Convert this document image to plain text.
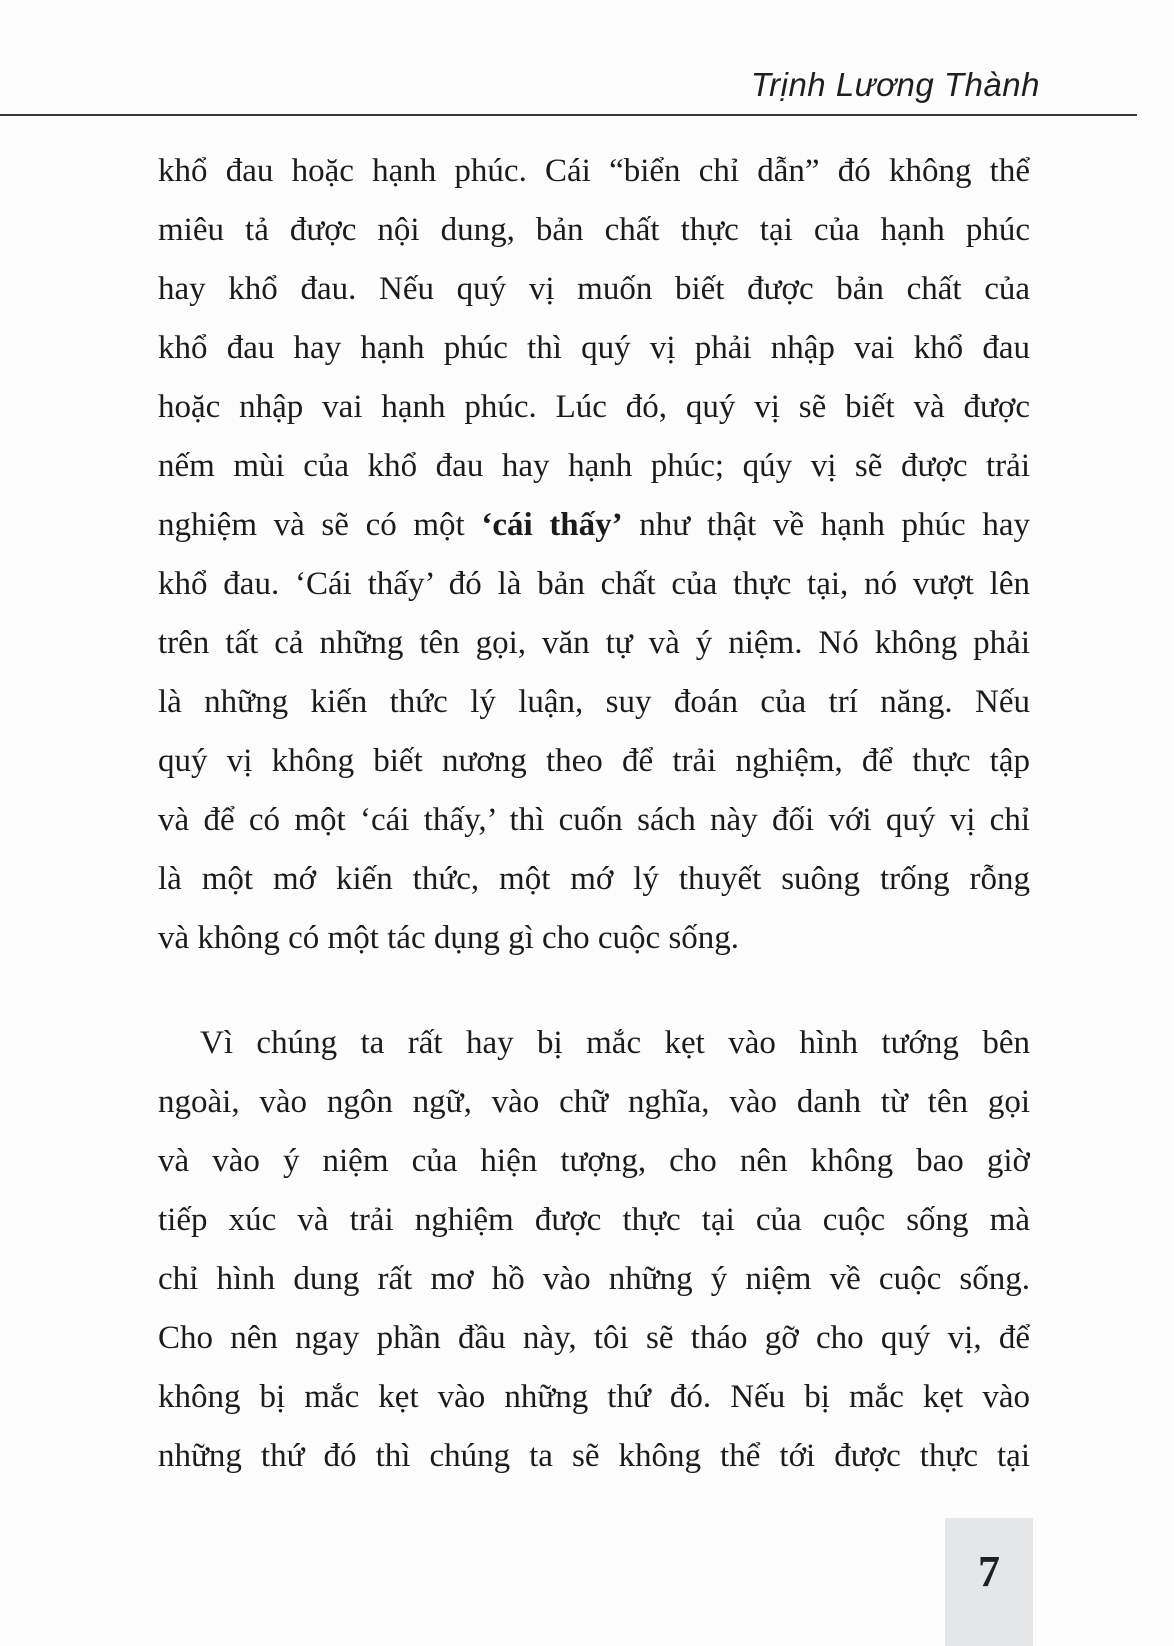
Trịnh Lương Thành
khổ đau hoặc hạnh phúc. Cái “biển chỉ dẫn” đó không thể
miêu tả được nội dung, bản chất thực tại của hạnh phúc
hay khổ đau. Nếu quý vị muốn biết được bản chất của
khổ đau hay hạnh phúc thì quý vị phải nhập vai khổ đau
hoặc nhập vai hạnh phúc. Lúc đó, quý vị sẽ biết và được
nếm mùi của khổ đau hay hạnh phúc; qúy vị sẽ được trải
nghiệm và sẽ có một ‘cái thấy’ như thật về hạnh phúc hay
khổ đau. ‘Cái thấy’ đó là bản chất của thực tại, nó vượt lên
trên tất cả những tên gọi, văn tự và ý niệm. Nó không phải
là những kiến thức lý luận, suy đoán của trí năng. Nếu
quý vị không biết nương theo để trải nghiệm, để thực tập
và để có một ‘cái thấy,’ thì cuốn sách này đối với quý vị chỉ
là một mớ kiến thức, một mớ lý thuyết suông trống rỗng
và không có một tác dụng gì cho cuộc sống.
Vì chúng ta rất hay bị mắc kẹt vào hình tướng bên
ngoài, vào ngôn ngữ, vào chữ nghĩa, vào danh từ tên gọi
và vào ý niệm của hiện tượng, cho nên không bao giờ
tiếp xúc và trải nghiệm được thực tại của cuộc sống mà
chỉ hình dung rất mơ hồ vào những ý niệm về cuộc sống.
Cho nên ngay phần đầu này, tôi sẽ tháo gỡ cho quý vị, để
không bị mắc kẹt vào những thứ đó. Nếu bị mắc kẹt vào
những thứ đó thì chúng ta sẽ không thể tới được thực tại
7
